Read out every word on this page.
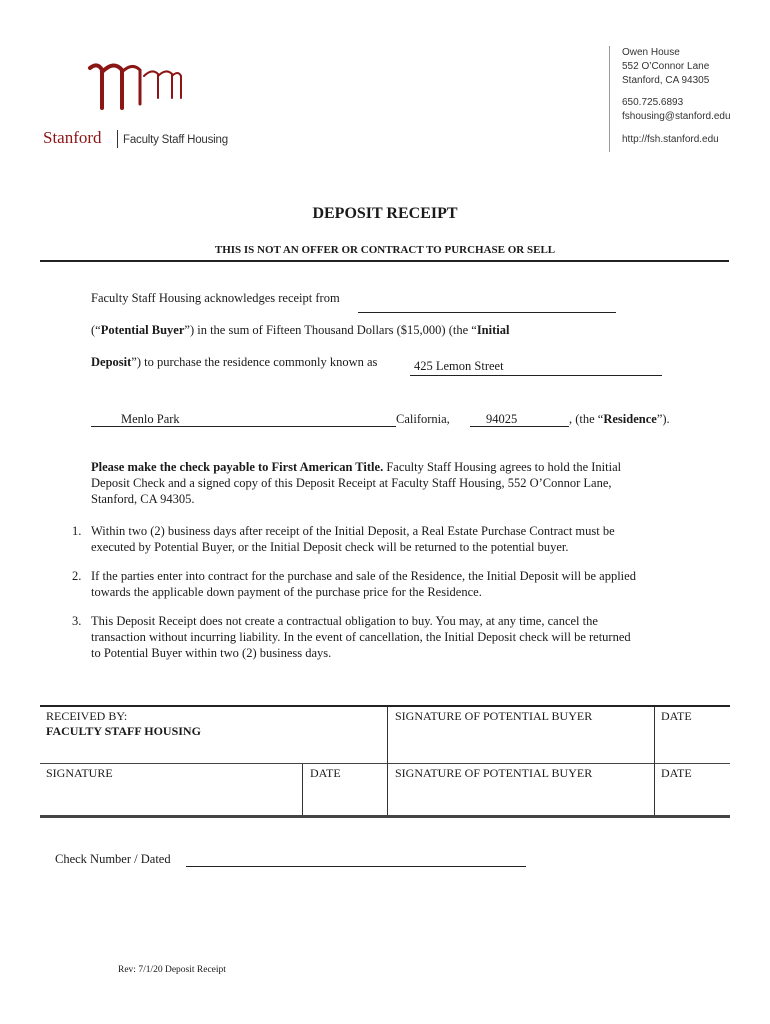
Stanford Faculty Staff Housing
Owen House
552 O’Connor Lane
Stanford, CA 94305
650.725.6893
fshousing@stanford.edu
http://fsh.stanford.edu
DEPOSIT RECEIPT
THIS IS NOT AN OFFER OR CONTRACT TO PURCHASE OR SELL
Faculty Staff Housing acknowledges receipt from
(“Potential Buyer”) in the sum of Fifteen Thousand Dollars ($15,000) (the “Initial
Deposit”) to purchase the residence commonly known as	425 Lemon Street
Menlo Park	California,	94025	, (the “Residence”).
Please make the check payable to First American Title. Faculty Staff Housing agrees to hold the Initial Deposit Check and a signed copy of this Deposit Receipt at Faculty Staff Housing, 552 O’Connor Lane, Stanford, CA 94305.
1. Within two (2) business days after receipt of the Initial Deposit, a Real Estate Purchase Contract must be executed by Potential Buyer, or the Initial Deposit check will be returned to the potential buyer.
2. If the parties enter into contract for the purchase and sale of the Residence, the Initial Deposit will be applied towards the applicable down payment of the purchase price for the Residence.
3. This Deposit Receipt does not create a contractual obligation to buy. You may, at any time, cancel the transaction without incurring liability. In the event of cancellation, the Initial Deposit check will be returned to Potential Buyer within two (2) business days.
RECEIVED BY:
FACULTY STAFF HOUSING
SIGNATURE OF POTENTIAL BUYER	DATE
SIGNATURE	DATE	SIGNATURE OF POTENTIAL BUYER	DATE
Check Number / Dated
Rev: 7/1/20 Deposit Receipt
